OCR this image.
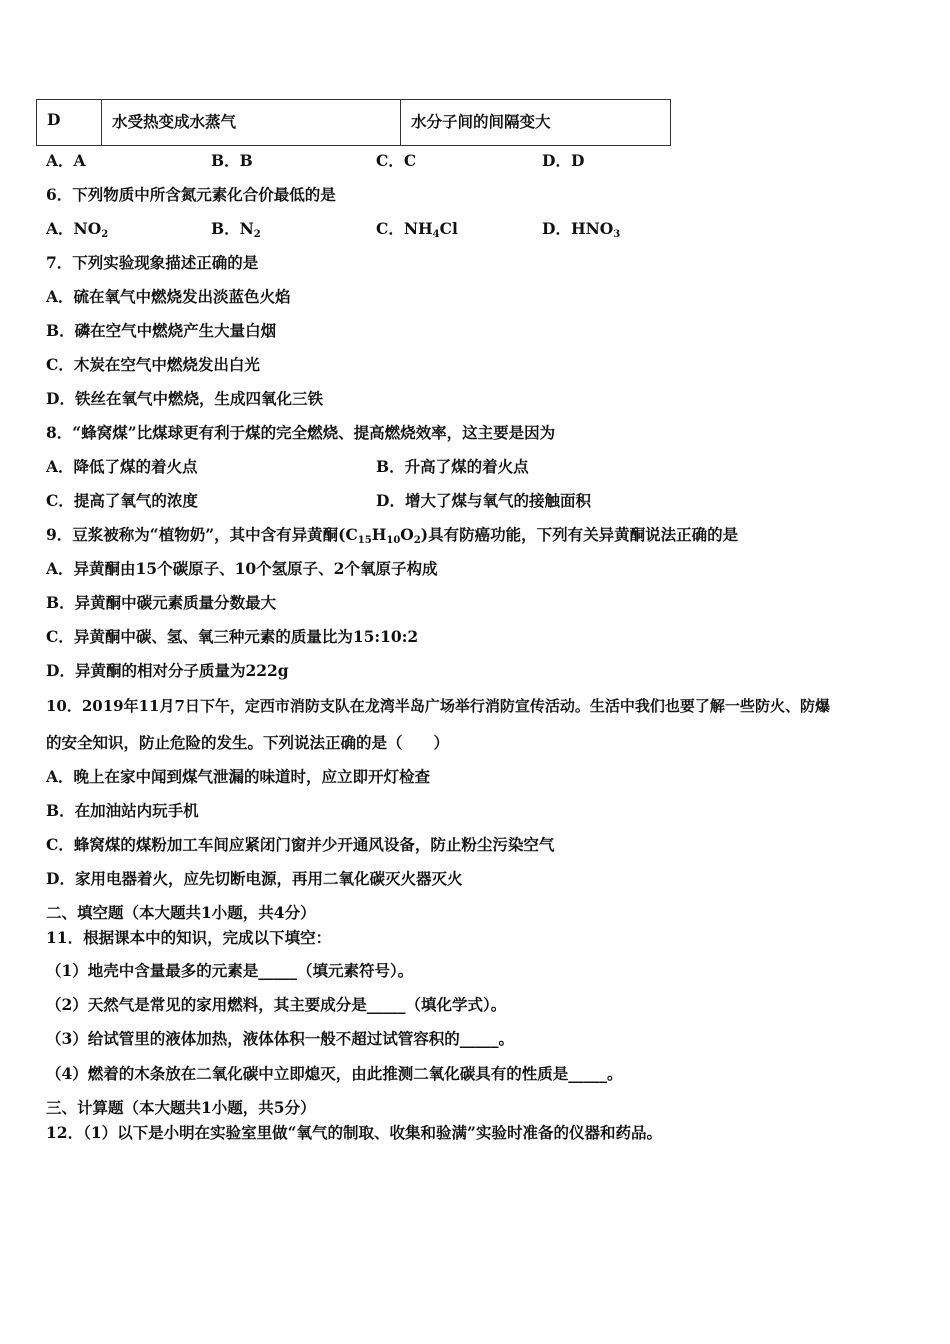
D	水受热变成水蒸气	水分子间的间隔变大
A．A	B．B	C．C	D．D
6．下列物质中所含氮元素化合价最低的是
A．$NO_2$	B．$N_2$	C．$NH_4Cl$	D．$HNO_3$
7．下列实验现象描述正确的是
A．硫在氧气中燃烧发出淡蓝色火焰
B．磷在空气中燃烧产生大量白烟
C．木炭在空气中燃烧发出白光
D．铁丝在氧气中燃烧，生成四氧化三铁
8．“蜂窝煤”比煤球更有利于煤的完全燃烧、提高燃烧效率，这主要是因为
A．降低了煤的着火点	B．升高了煤的着火点
C．提高了氧气的浓度	D．增大了煤与氧气的接触面积
9．豆浆被称为“植物奶”，其中含有异黄酮$(C_{15}H_{10}O_2)$具有防癌功能，下列有关异黄酮说法正确的是
A．异黄酮由15个碳原子、10个氢原子、2个氧原子构成
B．异黄酮中碳元素质量分数最大
C．异黄酮中碳、氢、氧三种元素的质量比为15:10:2
D．异黄酮的相对分子质量为222g
10．2019年11月7日下午，定西市消防支队在龙湾半岛广场举行消防宣传活动。生活中我们也要了解一些防火、防爆
的安全知识，防止危险的发生。下列说法正确的是（　　）
A．晚上在家中闻到煤气泄漏的味道时，应立即开灯检查
B．在加油站内玩手机
C．蜂窝煤的煤粉加工车间应紧闭门窗并少开通风设备，防止粉尘污染空气
D．家用电器着火，应先切断电源，再用二氧化碳灭火器灭火
二、填空题（本大题共1小题，共4分）
11．根据课本中的知识，完成以下填空：
（1）地壳中含量最多的元素是_____（填元素符号）。
（2）天然气是常见的家用燃料，其主要成分是_____（填化学式）。
（3）给试管里的液体加热，液体体积一般不超过试管容积的_____。
（4）燃着的木条放在二氧化碳中立即熄灭，由此推测二氧化碳具有的性质是_____。
三、计算题（本大题共1小题，共5分）
12．（1）以下是小明在实验室里做“氧气的制取、收集和验满”实验时准备的仪器和药品。
